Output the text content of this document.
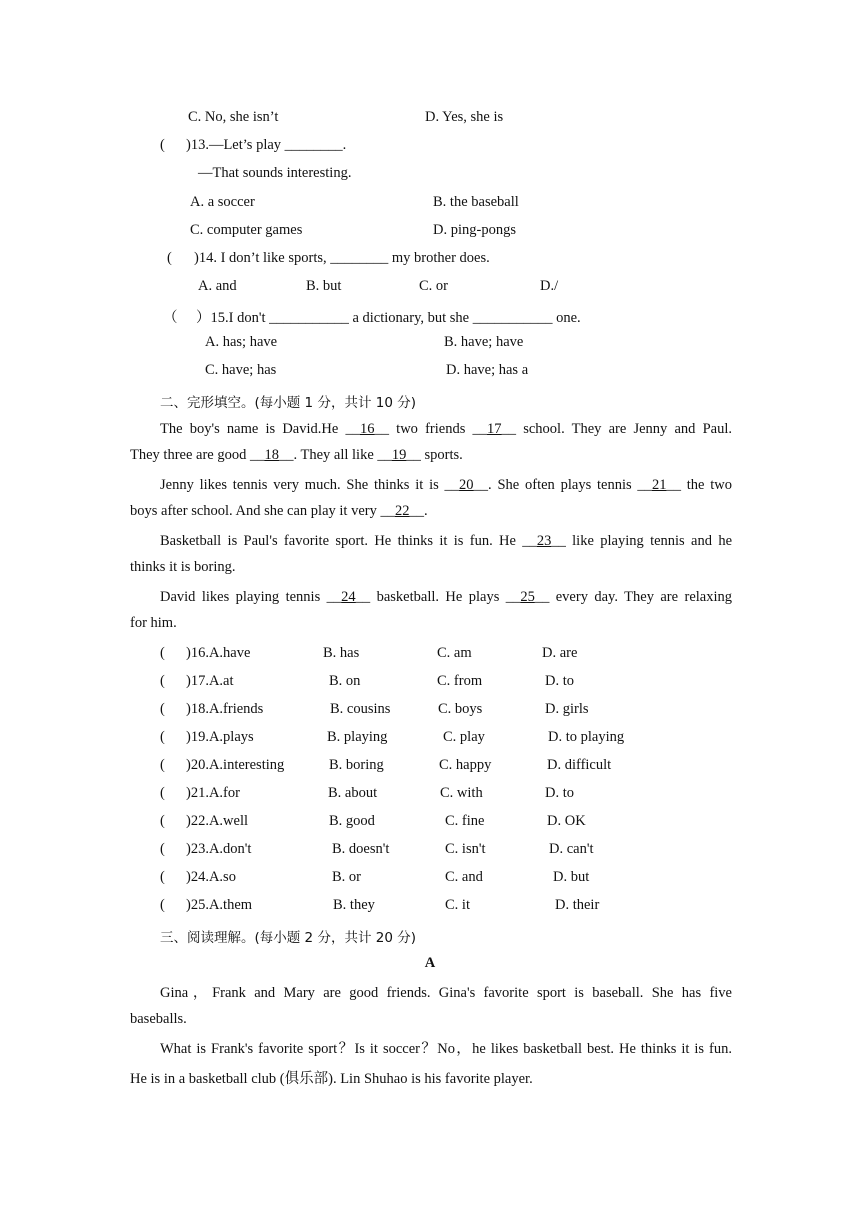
C. No, she isn’t	D. Yes, she is
( )13.—Let’s play ________.
—That sounds interesting.
A. a soccer	B. the baseball
C. computer games	D. ping-pongs
( )14. I don’t like sports, ________ my brother does.
A. and	B. but	C. or	D./
（ ）15.I don't ___________ a dictionary, but she ___________ one.
A. has; have	B. have; have
C. have; has	D. have; has a
二、完形填空。(每小题 1 分，共计 10 分)
The boy's name is David.He __16__ two friends __17__ school. They are Jenny and Paul.
They three are good __18__. They all like __19__ sports.
Jenny likes tennis very much. She thinks it is __20__. She often plays tennis __21__ the two
boys after school. And she can play it very __22__.
Basketball is Paul's favorite sport. He thinks it is fun. He __23__ like playing tennis and he
thinks it is boring.
David likes playing tennis __24__ basketball. He plays __25__ every day. They are relaxing
for him.
( )16.A.have	B. has	C. am	D. are
( )17.A.at	B. on	C. from	D. to
( )18.A.friends	B. cousins	C. boys	D. girls
( )19.A.plays	B. playing	C. play	D. to playing
( )20.A.interesting	B. boring	C. happy	D. difficult
( )21.A.for	B. about	C. with	D. to
( )22.A.well	B. good	C. fine	D. OK
( )23.A.don't	B. doesn't	C. isn't	D. can't
( )24.A.so	B. or	C. and	D. but
( )25.A.them	B. they	C. it	D. their
三、阅读理解。(每小题 2 分，共计 20 分)
A
Gina，Frank and Mary are good friends. Gina's favorite sport is baseball. She has five
baseballs.
What is Frank's favorite sport？Is it soccer？No，he likes basketball best. He thinks it is fun.
He is in a basketball club (俱乐部). Lin Shuhao is his favorite player.
